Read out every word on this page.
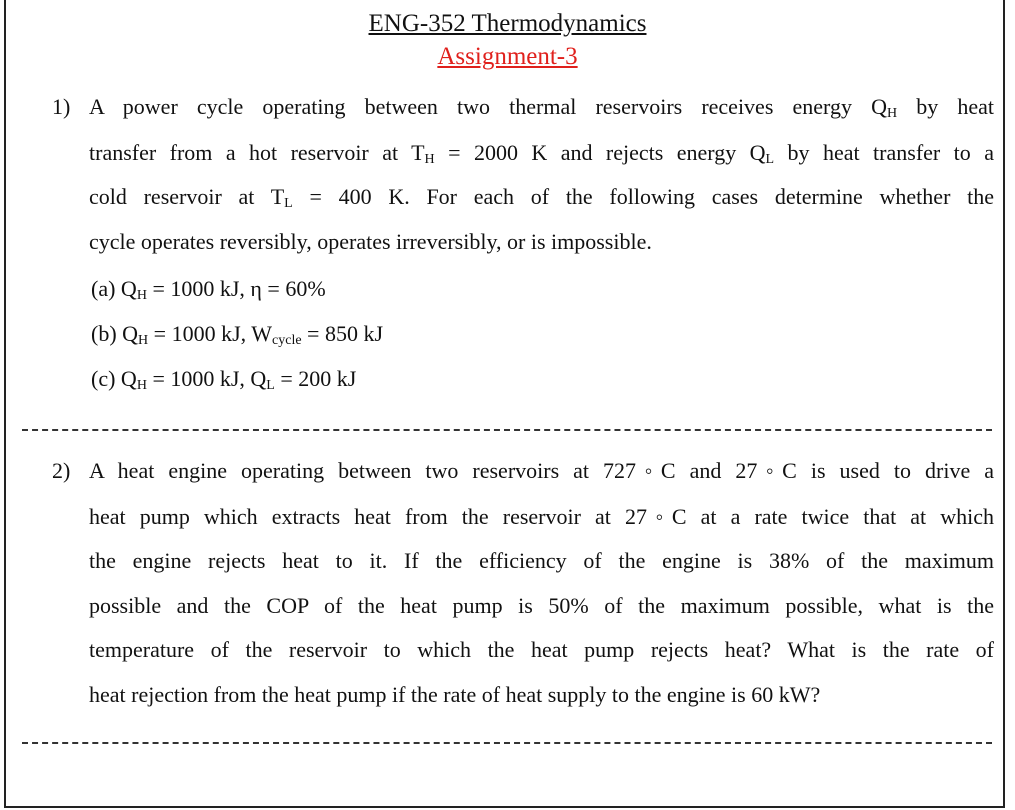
ENG-352 Thermodynamics
Assignment-3
1) A power cycle operating between two thermal reservoirs receives energy $Q_H$ by heat
transfer from a hot reservoir at $T_H = 2000$ K and rejects energy $Q_L$ by heat transfer to a
cold reservoir at $T_L = 400$ K. For each of the following cases determine whether the
cycle operates reversibly, operates irreversibly, or is impossible.
(a) $Q_H = 1000$ kJ, η = 60%
(b) $Q_H = 1000$ kJ, $W_{cycle} = 850$ kJ
(c) $Q_H = 1000$ kJ, $Q_L = 200$ kJ
2) A heat engine operating between two reservoirs at 727◦C and 27◦C is used to drive a
heat pump which extracts heat from the reservoir at 27◦C at a rate twice that at which
the engine rejects heat to it. If the efficiency of the engine is 38% of the maximum
possible and the COP of the heat pump is 50% of the maximum possible, what is the
temperature of the reservoir to which the heat pump rejects heat? What is the rate of
heat rejection from the heat pump if the rate of heat supply to the engine is 60 kW?
